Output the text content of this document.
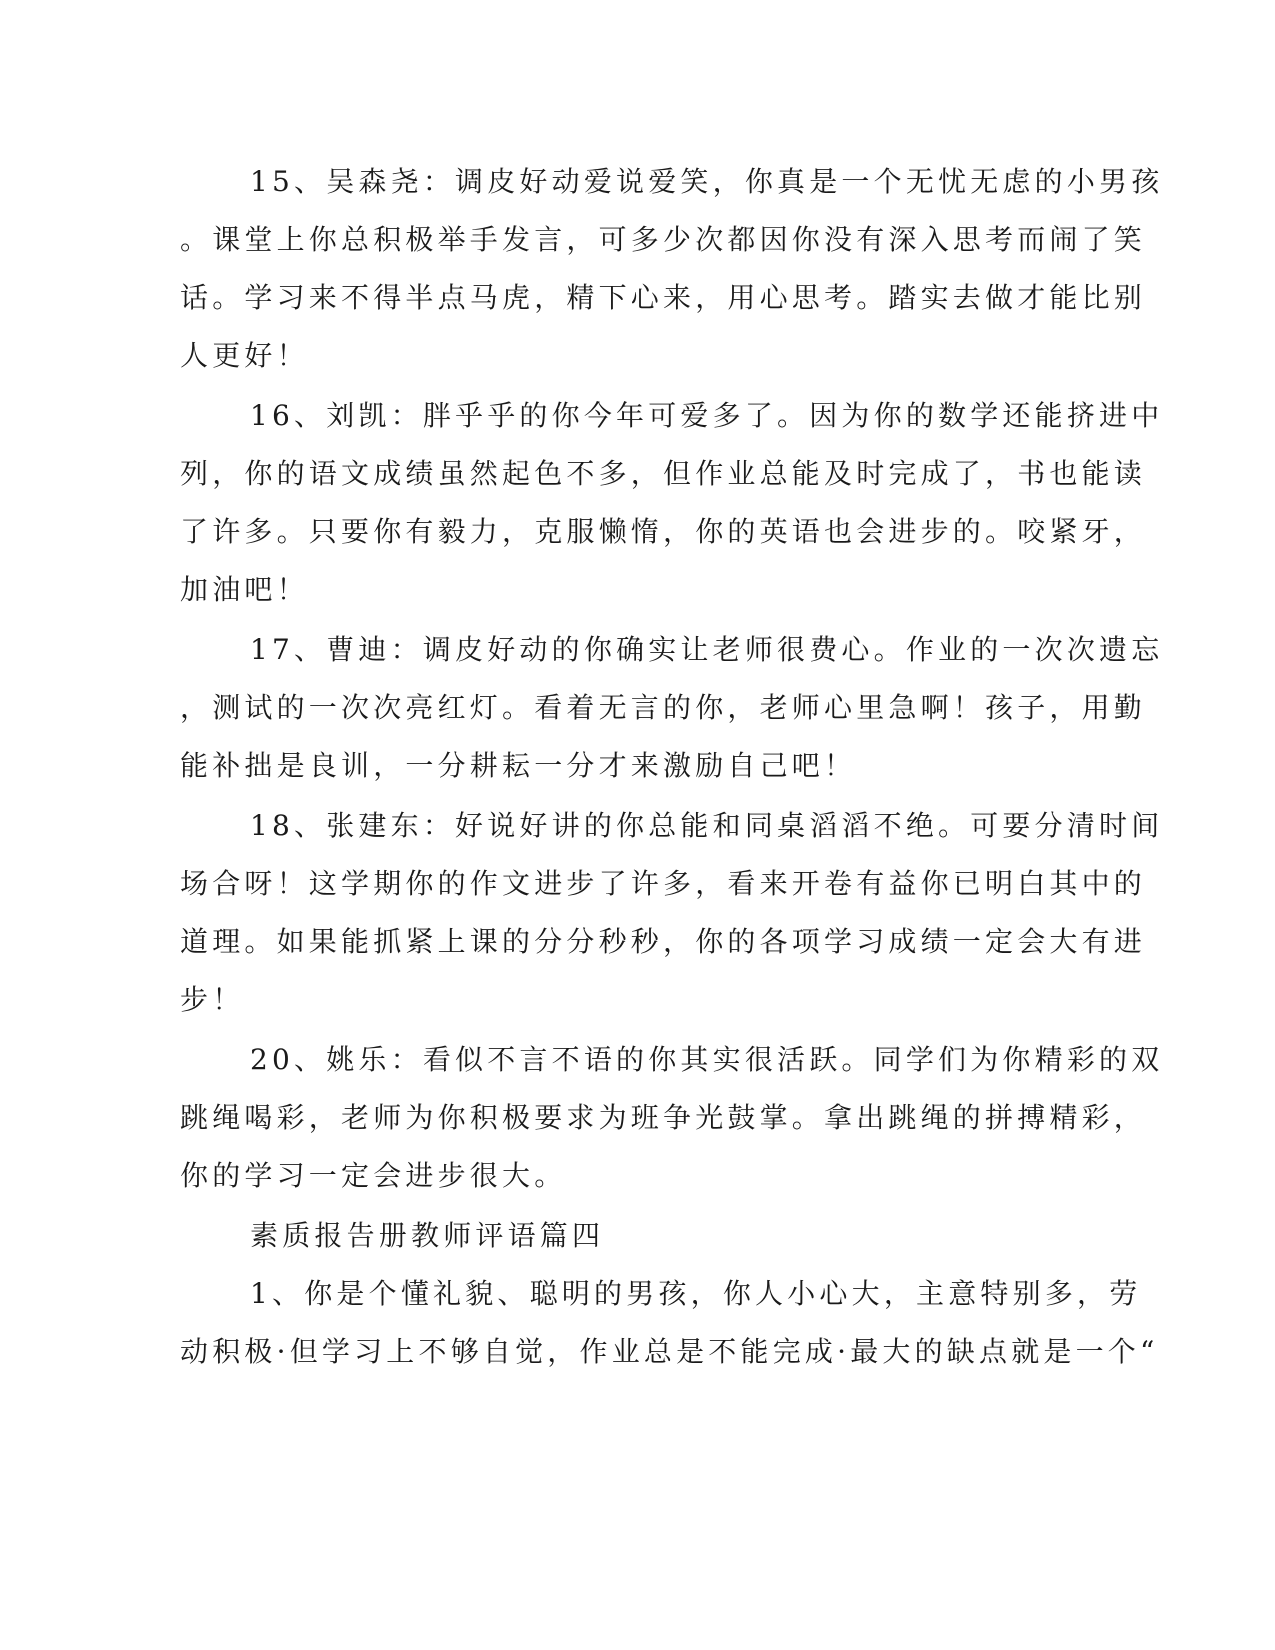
15、吴森尧：调皮好动爱说爱笑，你真是一个无忧无虑的小男孩
。课堂上你总积极举手发言，可多少次都因你没有深入思考而闹了笑
话。学习来不得半点马虎，精下心来，用心思考。踏实去做才能比别
人更好！
16、刘凯：胖乎乎的你今年可爱多了。因为你的数学还能挤进中
列，你的语文成绩虽然起色不多，但作业总能及时完成了，书也能读
了许多。只要你有毅力，克服懒惰，你的英语也会进步的。咬紧牙，
加油吧！
17、曹迪：调皮好动的你确实让老师很费心。作业的一次次遗忘
，测试的一次次亮红灯。看着无言的你，老师心里急啊！孩子，用勤
能补拙是良训，一分耕耘一分才来激励自己吧！
18、张建东：好说好讲的你总能和同桌滔滔不绝。可要分清时间
场合呀！这学期你的作文进步了许多，看来开卷有益你已明白其中的
道理。如果能抓紧上课的分分秒秒，你的各项学习成绩一定会大有进
步！
20、姚乐：看似不言不语的你其实很活跃。同学们为你精彩的双
跳绳喝彩，老师为你积极要求为班争光鼓掌。拿出跳绳的拼搏精彩，
你的学习一定会进步很大。
素质报告册教师评语篇四
1、你是个懂礼貌、聪明的男孩，你人小心大，主意特别多，劳
动积极·但学习上不够自觉，作业总是不能完成·最大的缺点就是一个“
